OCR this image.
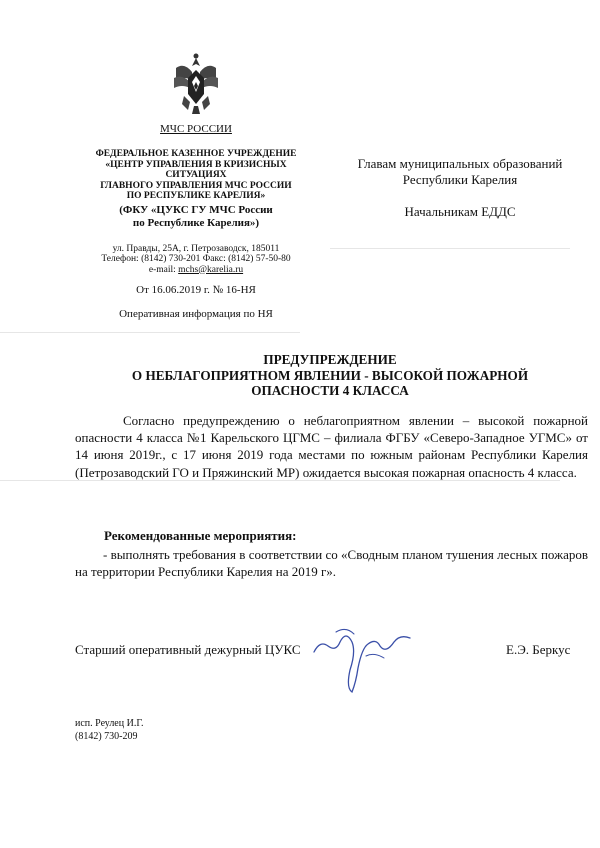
МЧС РОССИИ
ФЕДЕРАЛЬНОЕ КАЗЕННОЕ УЧРЕЖДЕНИЕ
«ЦЕНТР УПРАВЛЕНИЯ В КРИЗИСНЫХ
СИТУАЦИЯХ
ГЛАВНОГО УПРАВЛЕНИЯ МЧС РОССИИ
ПО РЕСПУБЛИКЕ КАРЕЛИЯ»
(ФКУ «ЦУКС ГУ МЧС России
по Республике Карелия»)
ул. Правды, 25А, г. Петрозаводск, 185011
Телефон: (8142) 730-201 Факс: (8142) 57-50-80
e-mail: mchs@karelia.ru
От 16.06.2019 г. № 16-НЯ
Оперативная информация по НЯ
Главам муниципальных образований
Республики Карелия
Начальникам ЕДДС
ПРЕДУПРЕЖДЕНИЕ
О НЕБЛАГОПРИЯТНОМ ЯВЛЕНИИ - ВЫСОКОЙ ПОЖАРНОЙ
ОПАСНОСТИ 4 КЛАССА
Согласно предупреждению о неблагоприятном явлении – высокой пожарной опасности 4 класса №1 Карельского ЦГМС – филиала ФГБУ «Северо-Западное УГМС» от 14 июня 2019г., с 17 июня 2019 года местами по южным районам Республики Карелия (Петрозаводский ГО и Пряжинский МР) ожидается высокая пожарная опасность 4 класса.
Рекомендованные мероприятия:
- выполнять требования в соответствии со «Сводным планом тушения лесных пожаров на территории Республики Карелия на 2019 г».
Старший оперативный дежурный ЦУКС	Е.Э. Беркус
исп. Реулец И.Г.
(8142) 730-209
